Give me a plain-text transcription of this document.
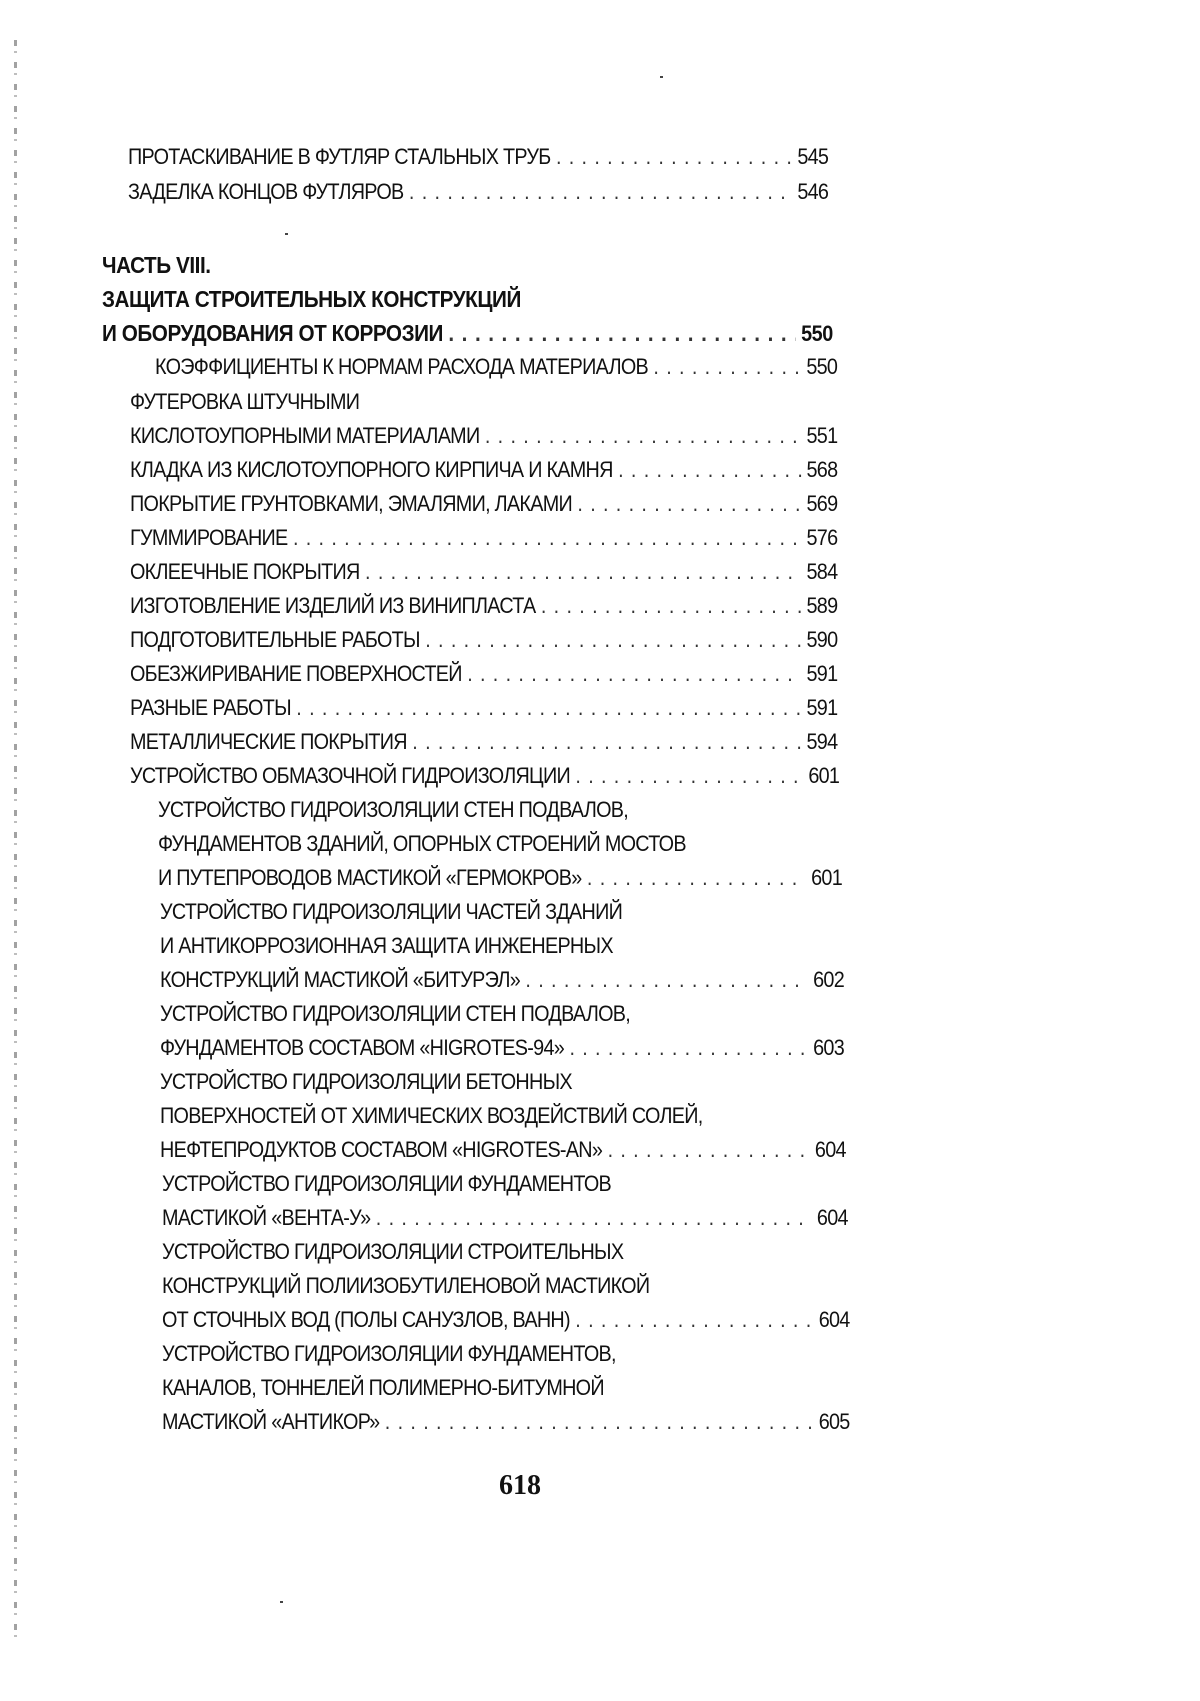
ПРОТАСКИВАНИЕ В ФУТЛЯР СТАЛЬНЫХ ТРУБ . . .	545
ЗАДЕЛКА КОНЦОВ ФУТЛЯРОВ . . .	546
ЧАСТЬ VIII.
ЗАЩИТА СТРОИТЕЛЬНЫХ КОНСТРУКЦИЙ
И ОБОРУДОВАНИЯ ОТ КОРРОЗИИ . . .	550
КОЭФФИЦИЕНТЫ К НОРМАМ РАСХОДА МАТЕРИАЛОВ . . .	550
ФУТЕРОВКА ШТУЧНЫМИ
КИСЛОТОУПОРНЫМИ МАТЕРИАЛАМИ . . .	551
КЛАДКА ИЗ КИСЛОТОУПОРНОГО КИРПИЧА И КАМНЯ . . .	568
ПОКРЫТИЕ ГРУНТОВКАМИ, ЭМАЛЯМИ, ЛАКАМИ . . .	569
ГУММИРОВАНИЕ . . .	576
ОКЛЕЕЧНЫЕ ПОКРЫТИЯ . . .	584
ИЗГОТОВЛЕНИЕ ИЗДЕЛИЙ ИЗ ВИНИПЛАСТА . . .	589
ПОДГОТОВИТЕЛЬНЫЕ РАБОТЫ . . .	590
ОБЕЗЖИРИВАНИЕ ПОВЕРХНОСТЕЙ . . .	591
РАЗНЫЕ РАБОТЫ . . .	591
МЕТАЛЛИЧЕСКИЕ ПОКРЫТИЯ . . .	594
УСТРОЙСТВО ОБМАЗОЧНОЙ ГИДРОИЗОЛЯЦИИ . . .	601
УСТРОЙСТВО ГИДРОИЗОЛЯЦИИ СТЕН ПОДВАЛОВ,
ФУНДАМЕНТОВ ЗДАНИЙ, ОПОРНЫХ СТРОЕНИЙ МОСТОВ
И ПУТЕПРОВОДОВ МАСТИКОЙ «ГЕРМОКРОВ» . . .	601
УСТРОЙСТВО ГИДРОИЗОЛЯЦИИ ЧАСТЕЙ ЗДАНИЙ
И АНТИКОРРОЗИОННАЯ ЗАЩИТА ИНЖЕНЕРНЫХ
КОНСТРУКЦИЙ МАСТИКОЙ «БИТУРЭЛ» . . .	602
УСТРОЙСТВО ГИДРОИЗОЛЯЦИИ СТЕН ПОДВАЛОВ,
ФУНДАМЕНТОВ СОСТАВОМ «HIGROTES-94» . . .	603
УСТРОЙСТВО ГИДРОИЗОЛЯЦИИ БЕТОННЫХ
ПОВЕРХНОСТЕЙ ОТ ХИМИЧЕСКИХ ВОЗДЕЙСТВИЙ СОЛЕЙ,
НЕФТЕПРОДУКТОВ СОСТАВОМ «HIGROTES-AN» . . .	604
УСТРОЙСТВО ГИДРОИЗОЛЯЦИИ ФУНДАМЕНТОВ
МАСТИКОЙ «ВЕНТА-У» . . .	604
УСТРОЙСТВО ГИДРОИЗОЛЯЦИИ СТРОИТЕЛЬНЫХ
КОНСТРУКЦИЙ ПОЛИИЗОБУТИЛЕНОВОЙ МАСТИКОЙ
ОТ СТОЧНЫХ ВОД (ПОЛЫ САНУЗЛОВ, ВАНН) . . .	604
УСТРОЙСТВО ГИДРОИЗОЛЯЦИИ ФУНДАМЕНТОВ,
КАНАЛОВ, ТОННЕЛЕЙ ПОЛИМЕРНО-БИТУМНОЙ
МАСТИКОЙ «АНТИКОР» . . .	605
618
